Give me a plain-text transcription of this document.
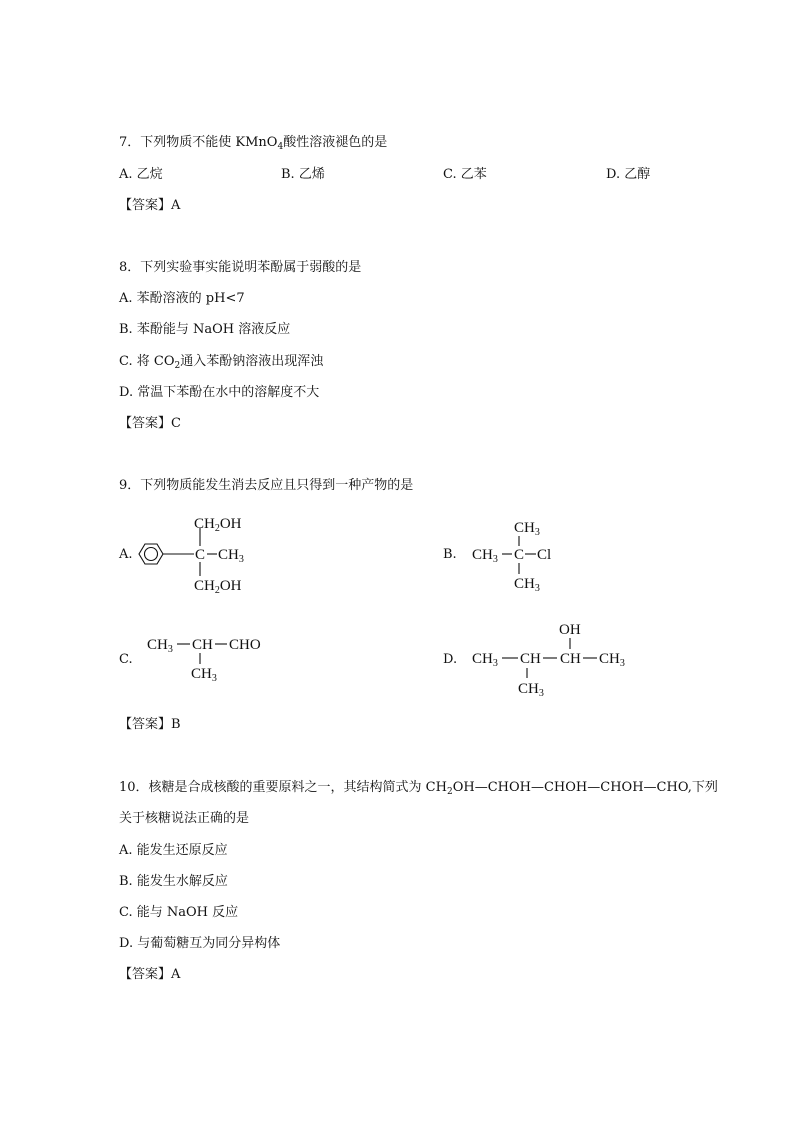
7．下列物质不能使 KMnO$_4$酸性溶液褪色的是
A. 乙烷	B. 乙烯	C. 乙苯	D. 乙醇
【答案】A
8．下列实验事实能说明苯酚属于弱酸的是
A. 苯酚溶液的 pH<7
B. 苯酚能与 NaOH 溶液反应
C. 将 $CO_2$通入苯酚钠溶液出现浑浊
D. 常温下苯酚在水中的溶解度不大
【答案】C
9．下列物质能发生消去反应且只得到一种产物的是
A.
$CH_2OH$
C $CH_3$
$CH_2OH$
B.
$CH_3$
$CH_3$ C Cl
$CH_3$
C.
$CH_3$ CH CHO
$CH_3$
D.
OH
$CH_3$ CH CH $CH_3$
$CH_3$
【答案】B
10．核糖是合成核酸的重要原料之一，其结构简式为 $CH_2OH—CHOH—CHOH—CHOH—CHO$,下列
关于核糖说法正确的是
A. 能发生还原反应
B. 能发生水解反应
C. 能与 NaOH 反应
D. 与葡萄糖互为同分异构体
【答案】A
